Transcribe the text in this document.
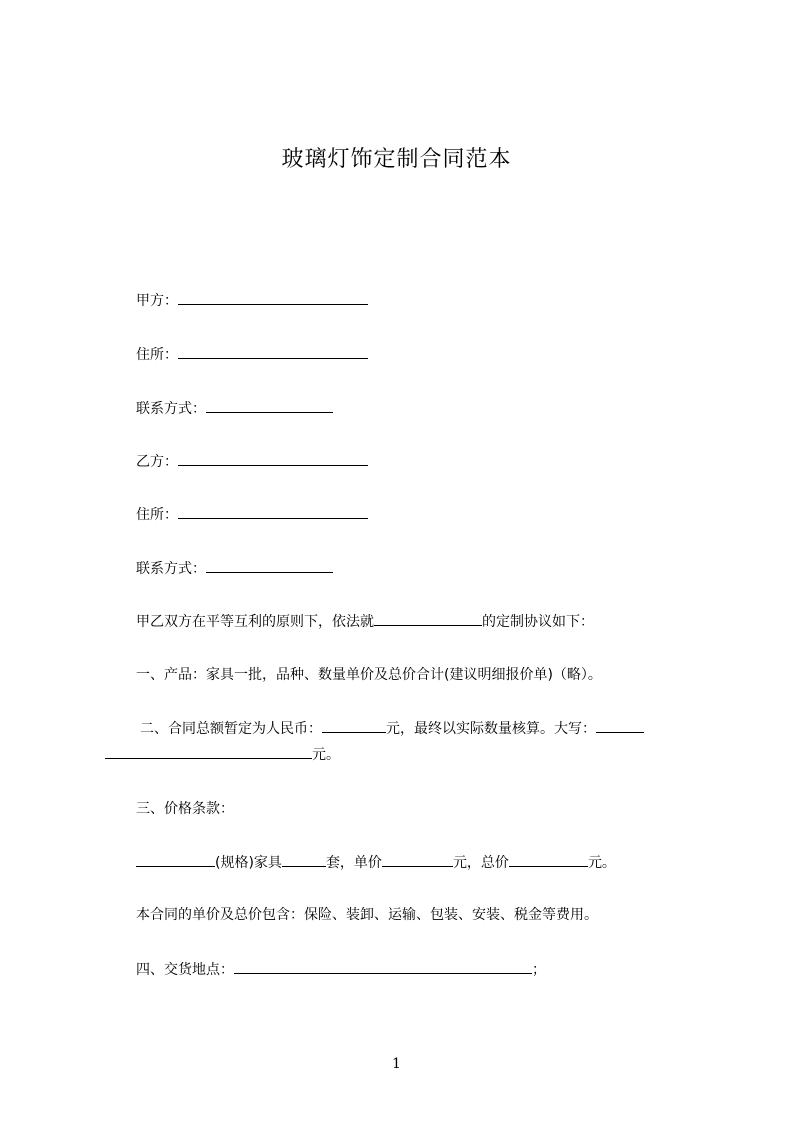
玻璃灯饰定制合同范本
甲方：
住所：
联系方式：
乙方：
住所：
联系方式：
甲乙双方在平等互利的原则下，依法就	的定制协议如下：
一、产品：家具一批，品种、数量单价及总价合计(建议明细报价单)（略）。
二、合同总额暂定为人民币：	元，最终以实际数量核算。大写：
元。
三、价格条款：
(规格)家具	套，单价	元，总价	元。
本合同的单价及总价包含：保险、装卸、运输、包装、安装、税金等费用。
四、交货地点：	；
1
